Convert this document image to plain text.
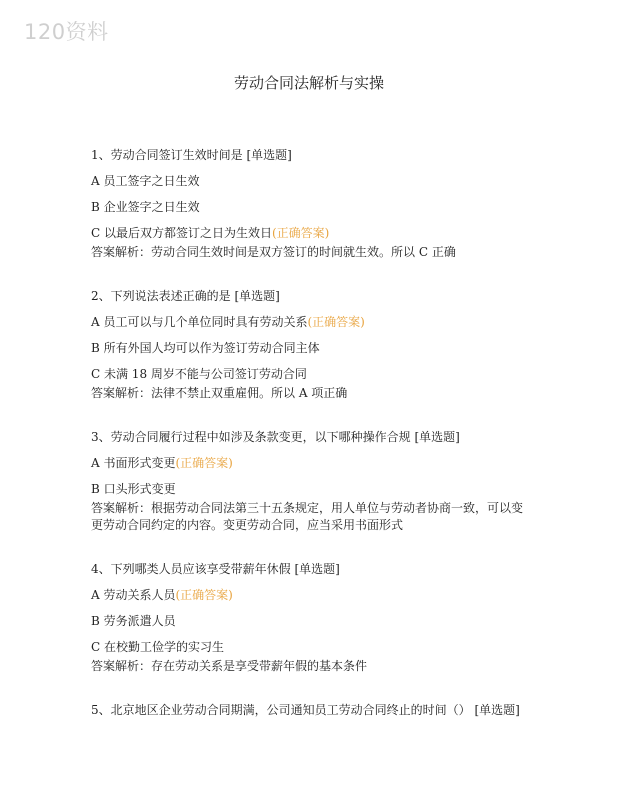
120资料
劳动合同法解析与实操
1、劳动合同签订生效时间是 [单选题]
A 员工签字之日生效
B 企业签字之日生效
C 以最后双方都签订之日为生效日(正确答案)
答案解析：劳动合同生效时间是双方签订的时间就生效。所以 C 正确
2、下列说法表述正确的是 [单选题]
A 员工可以与几个单位同时具有劳动关系(正确答案)
B 所有外国人均可以作为签订劳动合同主体
C 未满 18 周岁不能与公司签订劳动合同
答案解析：法律不禁止双重雇佣。所以 A 项正确
3、劳动合同履行过程中如涉及条款变更，以下哪种操作合规 [单选题]
A 书面形式变更(正确答案)
B 口头形式变更
答案解析：根据劳动合同法第三十五条规定，用人单位与劳动者协商一致，可以变更劳动合同约定的内容。变更劳动合同，应当采用书面形式
4、下列哪类人员应该享受带薪年休假 [单选题]
A 劳动关系人员(正确答案)
B 劳务派遣人员
C 在校勤工俭学的实习生
答案解析：存在劳动关系是享受带薪年假的基本条件
5、北京地区企业劳动合同期满，公司通知员工劳动合同终止的时间（） [单选题]
